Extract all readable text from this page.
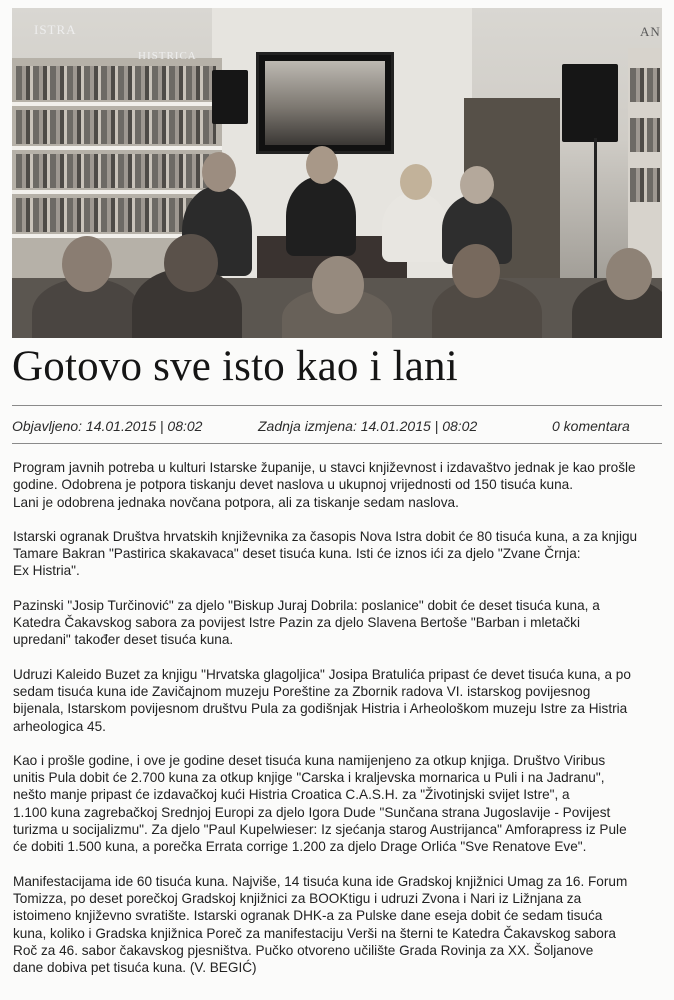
ISTRA
HISTRICA
AN
Gotovo sve isto kao i lani
Objavljeno: 14.01.2015 | 08:02	Zadnja izmjena: 14.01.2015 | 08:02	0 komentara

Program javnih potreba u kulturi Istarske županije, u stavci književnost i izdavaštvo jednak je kao prošle godine. Odobrena je potpora tiskanju devet naslova u ukupnoj vrijednosti od 150 tisuća kuna.
Lani je odobrena jednaka novčana potpora, ali za tiskanje sedam naslova.

Istarski ogranak Društva hrvatskih književnika za časopis Nova Istra dobit će 80 tisuća kuna, a za knjigu Tamare Bakran "Pastirica skakavaca" deset tisuća kuna. Isti će iznos ići za djelo "Zvane Črnja:
Ex Histria".

Pazinski "Josip Turčinović" za djelo "Biskup Juraj Dobrila: poslanice" dobit će deset tisuća kuna, a
Katedra Čakavskog sabora za povijest Istre Pazin za djelo Slavena Bertoše "Barban i mletački
upredani" također deset tisuća kuna.

Udruzi Kaleido Buzet za knjigu "Hrvatska glagoljica" Josipa Bratulića pripast će devet tisuća kuna, a po
sedam tisuća kuna ide Zavičajnom muzeju Poreštine za Zbornik radova VI. istarskog povijesnog
bijenala, Istarskom povijesnom društvu Pula za godišnjak Histria i Arheološkom muzeju Istre za Histria
arheologica 45.

Kao i prošle godine, i ove je godine deset tisuća kuna namijenjeno za otkup knjiga. Društvo Viribus
unitis Pula dobit će 2.700 kuna za otkup knjige "Carska i kraljevska mornarica u Puli i na Jadranu",
nešto manje pripast će izdavačkoj kući Histria Croatica C.A.S.H. za "Životinjski svijet Istre", a
1.100 kuna zagrebačkoj Srednjoj Europi za djelo Igora Dude "Sunčana strana Jugoslavije - Povijest
turizma u socijalizmu". Za djelo "Paul Kupelwieser: Iz sjećanja starog Austrijanca" Amforapress iz Pule
će dobiti 1.500 kuna, a porečka Errata corrige 1.200 za djelo Drage Orlića "Sve Renatove Eve".

Manifestacijama ide 60 tisuća kuna. Najviše, 14 tisuća kuna ide Gradskoj knjižnici Umag za 16. Forum
Tomizza, po deset porečkoj Gradskoj knjižnici za BOOKtigu i udruzi Zvona i Nari iz Ližnjana za
istoimeno književno svratište. Istarski ogranak DHK-a za Pulske dane eseja dobit će sedam tisuća
kuna, koliko i Gradska knjižnica Poreč za manifestaciju Verši na šterni te Katedra Čakavskog sabora
Roč za 46. sabor čakavskog pjesništva. Pučko otvoreno učilište Grada Rovinja za XX. Šoljanove
dane dobiva pet tisuća kuna. (V. BEGIĆ)
